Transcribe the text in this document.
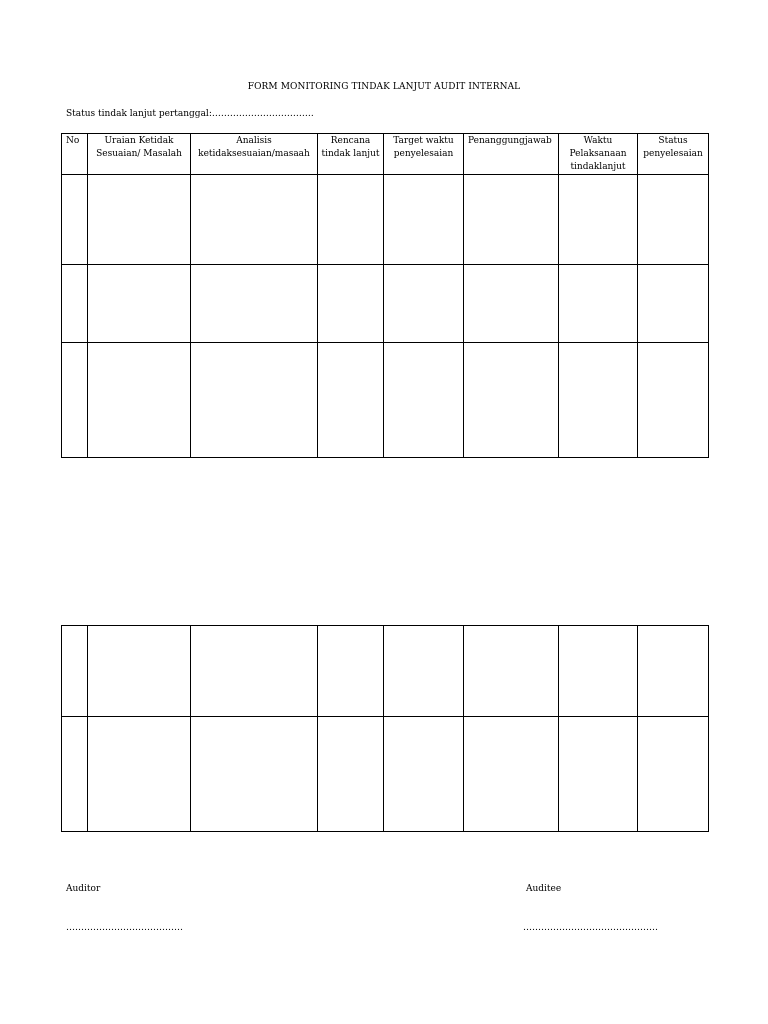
FORM MONITORING TINDAK LANJUT AUDIT INTERNAL
Status tindak lanjut pertanggal:…………………………….
No	Uraian Ketidak Sesuaian/ Masalah	Analisis ketidaksesuaian/masaah	Rencana tindak lanjut	Target waktu penyelesaian	Penanggungjawab	Waktu Pelaksanaan tindaklanjut	Status penyelesaian

Auditor	Auditee
…………………………………	………………………………………
